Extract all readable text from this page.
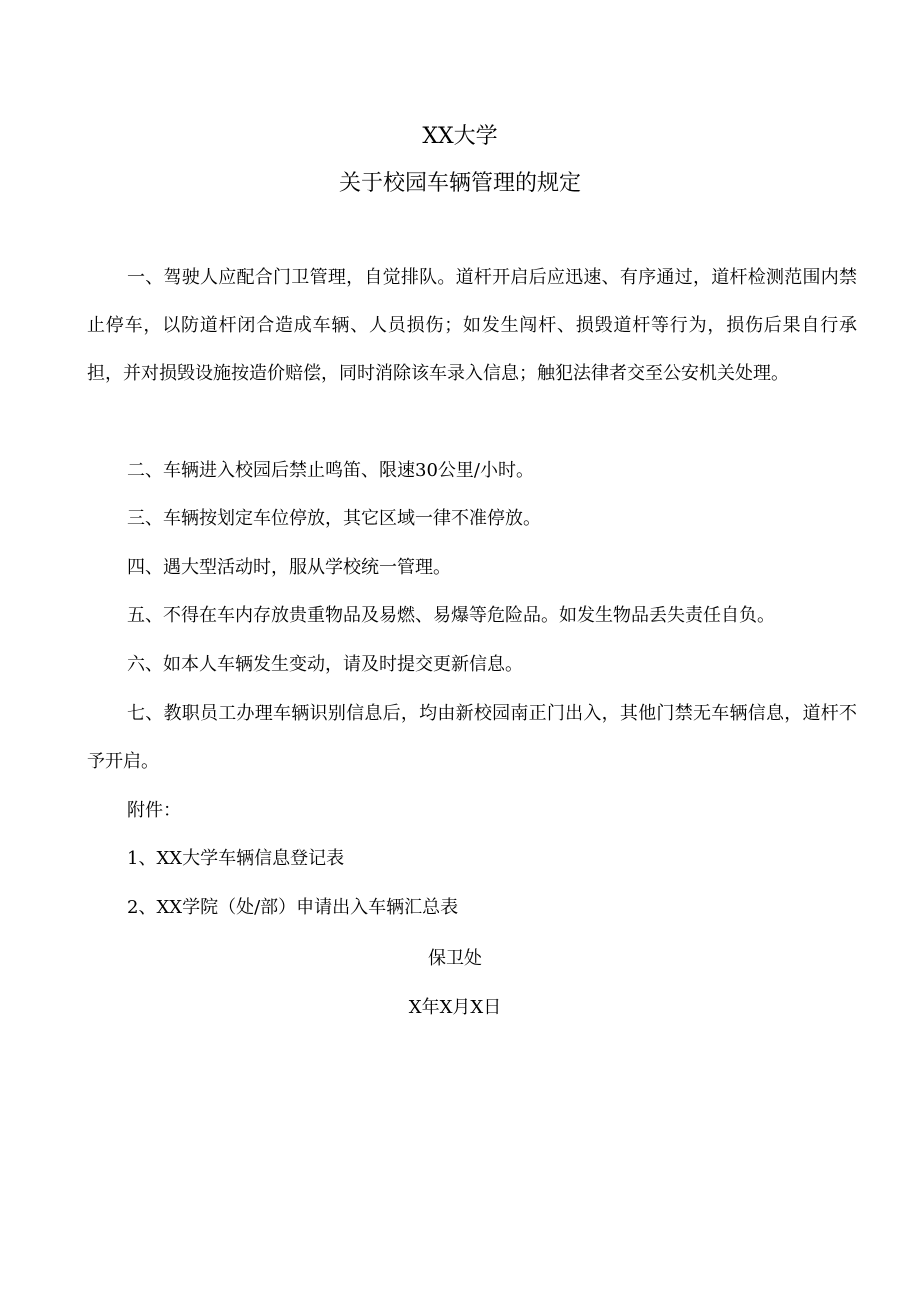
XX大学
关于校园车辆管理的规定

一、驾驶人应配合门卫管理，自觉排队。道杆开启后应迅速、有序通过，道杆检测范围内禁止停车，以防道杆闭合造成车辆、人员损伤；如发生闯杆、损毁道杆等行为，损伤后果自行承担，并对损毁设施按造价赔偿，同时消除该车录入信息；触犯法律者交至公安机关处理。

二、车辆进入校园后禁止鸣笛、限速30公里/小时。
三、车辆按划定车位停放，其它区域一律不准停放。
四、遇大型活动时，服从学校统一管理。
五、不得在车内存放贵重物品及易燃、易爆等危险品。如发生物品丢失责任自负。
六、如本人车辆发生变动，请及时提交更新信息。

七、教职员工办理车辆识别信息后，均由新校园南正门出入，其他门禁无车辆信息，道杆不予开启。

附件：
1、XX大学车辆信息登记表
2、XX学院（处/部）申请出入车辆汇总表
保卫处
X年X月X日
